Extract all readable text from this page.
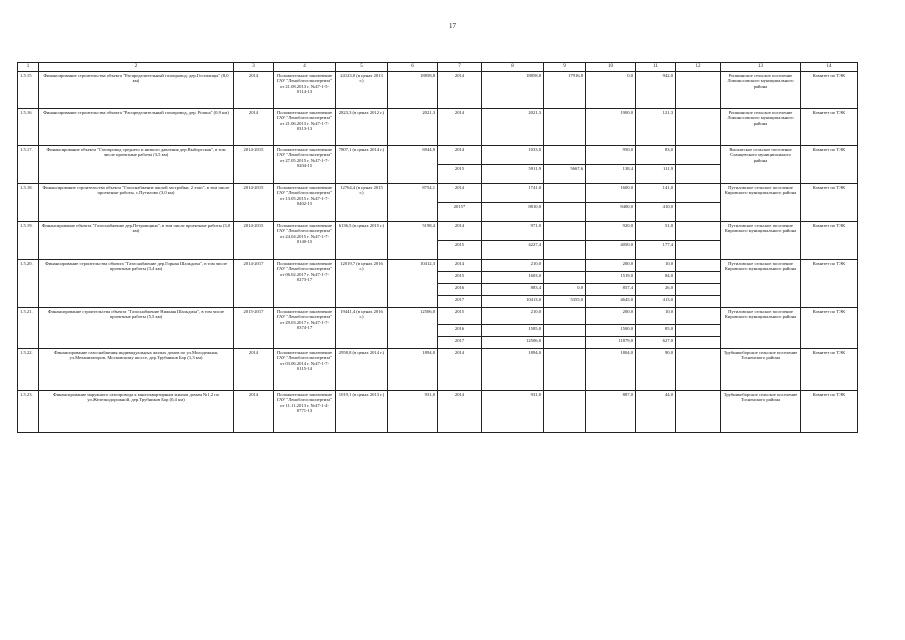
17
1	2	3	4	5	6	7	8	9	10	11	12	13	14
1.5.15	Финансирование строительства объекта "Распределительный газопровод, дер.Гостилицы" (8,0 км)	2014	Положительное заключение ГАУ "Леноблгосэкспертиза" от 21.08.2013 г. №47-1-5-0114-13	24123,0 (в ценах 2013 г.)	18858,8	2014	18858,8	17916,8	0,0	942,0		Ропшинское сельское поселение Ломоносовского муниципального района	Комитет по ТЭК
1.5.16	Финансирование строительства объекта "Распределительный газопровод, дер. Ропша" (0,9 км)	2014	Положительное заключение ГАУ "Леноблгосэкспертиза" от 21.06.2013 г. №47-1-7-0313-13	2823,3 (в ценах 2012 г.)	2021,3	2014	2021,3		1900,0	121,3		Ропшинское сельское поселение Ломоносовского муниципального района	Комитет по ТЭК
1.5.17.	Финансирование объекта "Газопровод среднего и низкого давления дер.Выборгская", в том числе проектные работы (3,5 км)	2014-2015	Положительное заключение ГАУ "Леноблгосэкспертиза" от 27.05.2015 г. №47-1-7-0204-15	7807,1 (в ценах 2014 г.)	6944,9	2014	1033,0		950,0	83,0		Выскатское сельское поселение Сланцевского муниципального района	Комитет по ТЭК
						2015	5911,9	5667,6	138,4	111,9			
1.5.18.	Финансирование строительства объекта "Газоснабжение жилой застройки, 2 этап", в том числе проектные работы, с.Путилово (3,0 км)	2014-2015	Положительное заключение ГАУ "Леноблгосэкспертиза" от 13.05.2015 г. №47-1-7-0402-15	12764,4 (в ценах 2015 г.)	8754,1	2014	1741,0		1600,0	141,0		Путиловское сельское поселение Кировского муниципального района	Комитет по ТЭК
						2015*	8810,0		8400,0	410,0			
1.5.19.	Финансирование объекта "Газоснабжение дер.Петровщина", в том числе проектные работы (3,0 км)	2014-2015	Положительное заключение ГАУ "Леноблгосэкспертиза" от 24.04.2015 г. №47-1-7-0140-15	6136,5 (в ценах 2015 г.)	5198,4	2014	971,0		920,0	51,0		Путиловское сельское поселение Кировского муниципального района	Комитет по ТЭК
						2015	4227,4		4050,0	177,4			
1.5.20.	Финансирование строительства объекта "Газоснабжение дер.Горная Шальдиха", в том числе проектные работы (3,4 км)	2014-2017	Положительное заключение ГАУ "Леноблгосэкспертиза" от 06.02.2017 г. №47-1-7-0273-17	12019,7 (в ценах 2016 г.)	10412,3	2014	210,0		200,0	10,0		Путиловское сельское поселение Кировского муниципального района	Комитет по ТЭК
						2015	1603,0		1519,0	84,0			
						2016	883,4	0,0	857,4	26,0			
						2017	10413,0	5355,0	4645,0	413,0			
1.5.21.	Финансирование строительства объекта "Газоснабжение Нижняя Шальдиха", в том числе проектные работы (5,5 км)	2015-2017	Положительное заключение ГАУ "Леноблгосэкспертиза" от 29.03.2017 г. №47-1-7-0374-17	19441,4 (в ценах 2016 г.)	12506,0	2015	210,0		200,0	10,0		Путиловское сельское поселение Кировского муниципального района	Комитет по ТЭК
						2016	1585,0		1500,0	85,0			
						2017	12506,0		11879,0	627,0			
1.5.22.	Финансирование газоснабжения индивидуальных жилых домов по ул.Молодежная, ул.Механизаторов, Московскому шоссе, дер.Трубников Бор (1,3 км)	2014	Положительное заключение ГАУ "Леноблгосэкспертиза" от 03.06.2014 г. №47-1-7-0115-14	2958,8 (в ценах 2014 г.)	1894,0	2014	1894,0		1804,0	90,0		Трубникоборское сельское поселение Тосненского района	Комитет по ТЭК
1.5.23.	Финансирование наружного газопровода к многоквартирным жилым домам №1,2 по ул.Железнодорожной, дер.Трубников Бор (0,4 км)	2014	Положительное заключение ГАУ "Леноблгосэкспертиза" от 11.11.2013 г. №47-1-4-0771-13	1019,1 (в ценах 2013 г.)	931,0	2014	931,0		887,0	44,0		Трубникоборское сельское поселение Тосненского района	Комитет по ТЭК
